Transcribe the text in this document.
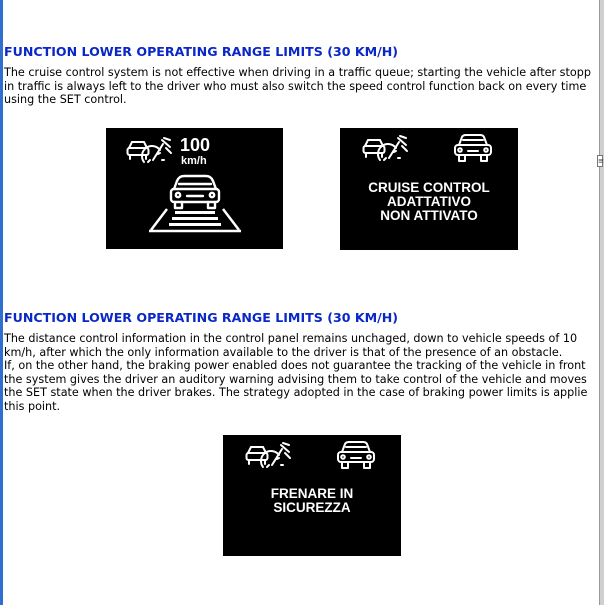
≡
FUNCTION LOWER OPERATING RANGE LIMITS (30 KM/H)
The cruise control system is not effective when driving in a traffic queue; starting the vehicle after stopp
in traffic is always left to the driver who must also switch the speed control function back on every time
using the SET control.
100
km/h
CRUISE CONTROL
ADATTATIVO
NON ATTIVATO
FUNCTION LOWER OPERATING RANGE LIMITS (30 KM/H)
The distance control information in the control panel remains unchaged, down to vehicle speeds of 10
km/h, after which the only information available to the driver is that of the presence of an obstacle.
If, on the other hand, the braking power enabled does not guarantee the tracking of the vehicle in front
the system gives the driver an auditory warning advising them to take control of the vehicle and moves
the SET state when the driver brakes. The strategy adopted in the case of braking power limits is applie
this point.
FRENARE IN
SICUREZZA
